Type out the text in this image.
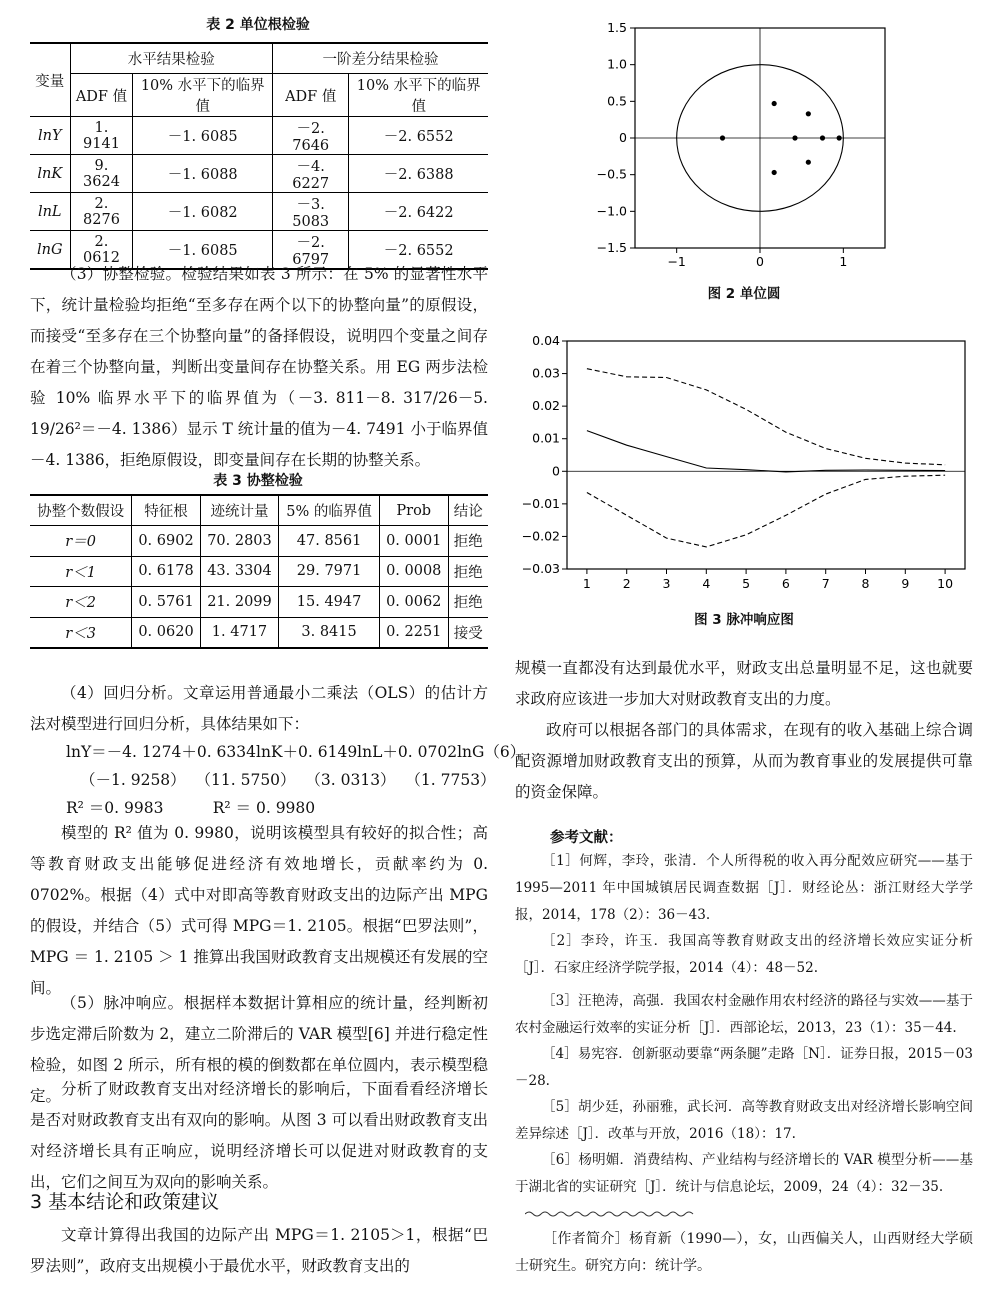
表 2 单位根检验
变量	水平结果检验		一阶差分结果检验	
	ADF 值	10% 水平下的临界值	ADF 值	10% 水平下的临界值
lnY	1. 9141	－1. 6085	－2. 7646	－2. 6552
lnK	9. 3624	－1. 6088	－4. 6227	－2. 6388
lnL	2. 8276	－1. 6082	－3. 5083	－2. 6422
lnG	2. 0612	－1. 6085	－2. 6797	－2. 6552

（3）协整检验。检验结果如表 3 所示：在 5% 的显著性水平下，统计量检验均拒绝“至多存在两个以下的协整向量”的原假设，而接受“至多存在三个协整向量”的备择假设，说明四个变量之间存在着三个协整向量，判断出变量间存在协整关系。用 EG 两步法检验 10% 临界水平下的临界值为（－3. 811－8. 317/26－5. 19/26²＝－4. 1386）显示 T 统计量的值为－4. 7491 小于临界值－4. 1386，拒绝原假设，即变量间存在长期的协整关系。

表 3 协整检验
协整个数假设	特征根	迹统计量	5% 的临界值	Prob	结论
r＝0	0. 6902	70. 2803	47. 8561	0. 0001	拒绝
r＜1	0. 6178	43. 3304	29. 7971	0. 0008	拒绝
r＜2	0. 5761	21. 2099	15. 4947	0. 0062	拒绝
r＜3	0. 0620	1. 4717	3. 8415	0. 2251	接受

（4）回归分析。文章运用普通最小二乘法（OLS）的估计方法对模型进行回归分析，具体结果如下：

lnY＝－4. 1274＋0. 6334lnK＋0. 6149lnL＋0. 0702lnG（6）
（－1. 9258）  （11. 5750）  （3. 0313）  （1. 7753）
R² ＝0. 9983          R² ＝ 0. 9980

模型的 R² 值为 0. 9980，说明该模型具有较好的拟合性；高等教育财政支出能够促进经济有效地增长，贡献率约为 0. 0702%。根据（4）式中对即高等教育财政支出的边际产出 MPG 的假设，并结合（5）式可得 MPG＝1. 2105。根据“巴罗法则”，MPG ＝ 1. 2105 ＞ 1 推算出我国财政教育支出规模还有发展的空间。

（5）脉冲响应。根据样本数据计算相应的统计量，经判断初步选定滞后阶数为 2，建立二阶滞后的 VAR 模型[6] 并进行稳定性检验，如图 2 所示，所有根的模的倒数都在单位圆内，表示模型稳定。 分析了财政教育支出对经济增长的影响后，下面看看经济增长是否对财政教育支出有双向的影响。从图 3 可以看出财政教育支出对经济增长具有正响应，说明经济增长可以促进对财政教育的支出，它们之间互为双向的影响关系。

3 基本结论和政策建议

文章计算得出我国的边际产出 MPG＝1. 2105＞1，根据“巴罗法则”，政府支出规模小于最优水平，财政教育支出的

1.5
1.0
0.5
0
−0.5
−1.0
−1.5
−1	0	1
图 2 单位圆
0.04
0.03
0.02
0.01
0
−0.01
−0.02
−0.03
1	2	3	4	5	6	7	8	9 10
图 3 脉冲响应图

规模一直都没有达到最优水平，财政支出总量明显不足，这也就要求政府应该进一步加大对财政教育支出的力度。

政府可以根据各部门的具体需求，在现有的收入基础上综合调配资源增加财政教育支出的预算，从而为教育事业的发展提供可靠的资金保障。

参考文献：

［1］何辉，李玲，张清．个人所得税的收入再分配效应研究——基于 1995—2011 年中国城镇居民调查数据［J］．财经论丛：浙江财经大学学报，2014，178（2）：36－43.

［2］李玲，许玉．我国高等教育财政支出的经济增长效应实证分析［J］．石家庄经济学院学报，2014（4）：48－52.

［3］汪艳涛，高强．我国农村金融作用农村经济的路径与实效——基于农村金融运行效率的实证分析［J］．西部论坛，2013，23（1）：35－44.

［4］易宪容．创新驱动要靠“两条腿”走路［N］．证券日报，2015－03－28.

［5］胡少廷，孙丽雅，武长河．高等教育财政支出对经济增长影响空间差异综述［J］．改革与开放，2016（18）：17.

［6］杨明媚．消费结构、产业结构与经济增长的 VAR 模型分析——基于湖北省的实证研究［J］．统计与信息论坛，2009，24（4）：32－35.

［作者简介］杨育新（1990—），女，山西偏关人，山西财经大学硕士研究生。研究方向：统计学。
